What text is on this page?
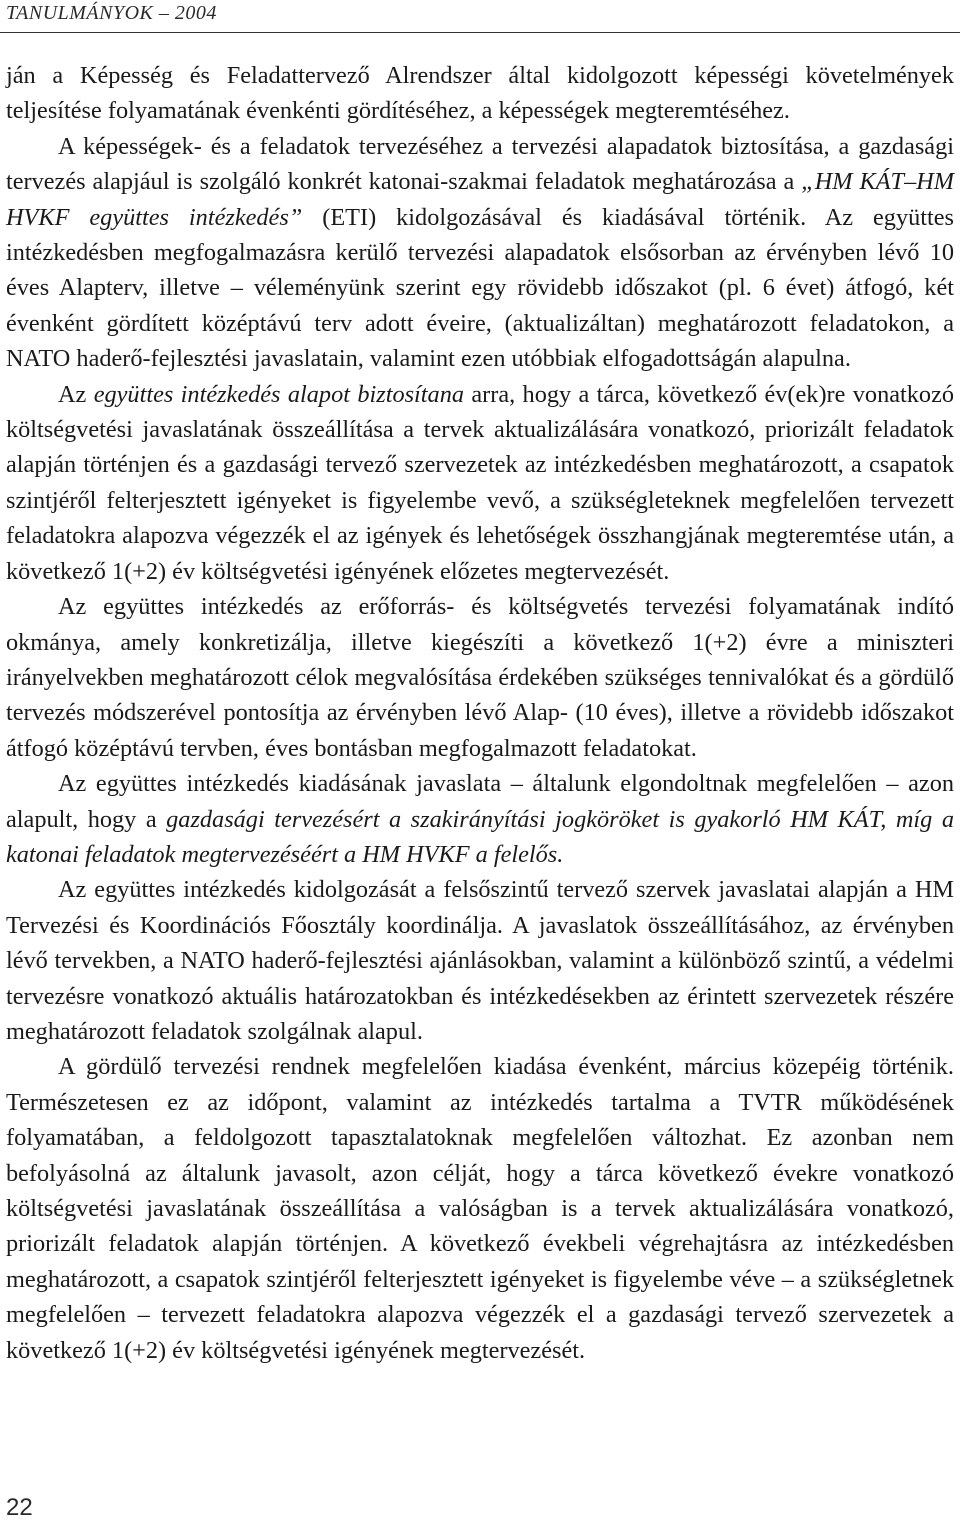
TANULMÁNYOK – 2004

ján a Képesség és Feladattervező Alrendszer által kidolgozott képességi követelmények teljesítése folyamatának évenkénti gördítéséhez, a képességek megteremtéséhez.

A képességek- és a feladatok tervezéséhez a tervezési alapadatok biztosítása, a gazdasági tervezés alapjául is szolgáló konkrét katonai-szakmai feladatok meghatározása a „HM KÁT–HM HVKF együttes intézkedés” (ETI) kidolgozásával és kiadásával történik. Az együttes intézkedésben megfogalmazásra kerülő tervezési alapadatok elsősorban az érvényben lévő 10 éves Alapterv, illetve – véleményünk szerint egy rövidebb időszakot (pl. 6 évet) átfogó, két évenként gördített középtávú terv adott éveire, (aktualizáltan) meghatározott feladatokon, a NATO haderő-fejlesztési javaslatain, valamint ezen utóbbiak elfogadottságán alapulna.

Az együttes intézkedés alapot biztosítana arra, hogy a tárca, következő év(ek)re vonatkozó költségvetési javaslatának összeállítása a tervek aktualizálására vonatkozó, priorizált feladatok alapján történjen és a gazdasági tervező szervezetek az intézkedésben meghatározott, a csapatok szintjéről felterjesztett igényeket is figyelembe vevő, a szükségleteknek megfelelően tervezett feladatokra alapozva végezzék el az igények és lehetőségek összhangjának megteremtése után, a következő 1(+2) év költségvetési igényének előzetes megtervezését.

Az együttes intézkedés az erőforrás- és költségvetés tervezési folyamatának indító okmánya, amely konkretizálja, illetve kiegészíti a következő 1(+2) évre a miniszteri irányelvekben meghatározott célok megvalósítása érdekében szükséges tennivalókat és a gördülő tervezés módszerével pontosítja az érvényben lévő Alap- (10 éves), illetve a rövidebb időszakot átfogó középtávú tervben, éves bontásban megfogalmazott feladatokat.

Az együttes intézkedés kiadásának javaslata – általunk elgondoltnak megfelelően – azon alapult, hogy a gazdasági tervezésért a szakirányítási jogköröket is gyakorló HM KÁT, míg a katonai feladatok megtervezéséért a HM HVKF a felelős.

Az együttes intézkedés kidolgozását a felsőszintű tervező szervek javaslatai alapján a HM Tervezési és Koordinációs Főosztály koordinálja. A javaslatok összeállításához, az érvényben lévő tervekben, a NATO haderő-fejlesztési ajánlásokban, valamint a különböző szintű, a védelmi tervezésre vonatkozó aktuális határozatokban és intézkedésekben az érintett szervezetek részére meghatározott feladatok szolgálnak alapul.

A gördülő tervezési rendnek megfelelően kiadása évenként, március közepéig történik. Természetesen ez az időpont, valamint az intézkedés tartalma a TVTR működésének folyamatában, a feldolgozott tapasztalatoknak megfelelően változhat. Ez azonban nem befolyásolná az általunk javasolt, azon célját, hogy a tárca következő évekre vonatkozó költségvetési javaslatának összeállítása a valóságban is a tervek aktualizálására vonatkozó, priorizált feladatok alapján történjen. A következő évekbeli végrehajtásra az intézkedésben meghatározott, a csapatok szintjéről felterjesztett igényeket is figyelembe véve – a szükségletnek megfelelően – tervezett feladatokra alapozva végezzék el a gazdasági tervező szervezetek a következő 1(+2) év költségvetési igényének megtervezését.

22
